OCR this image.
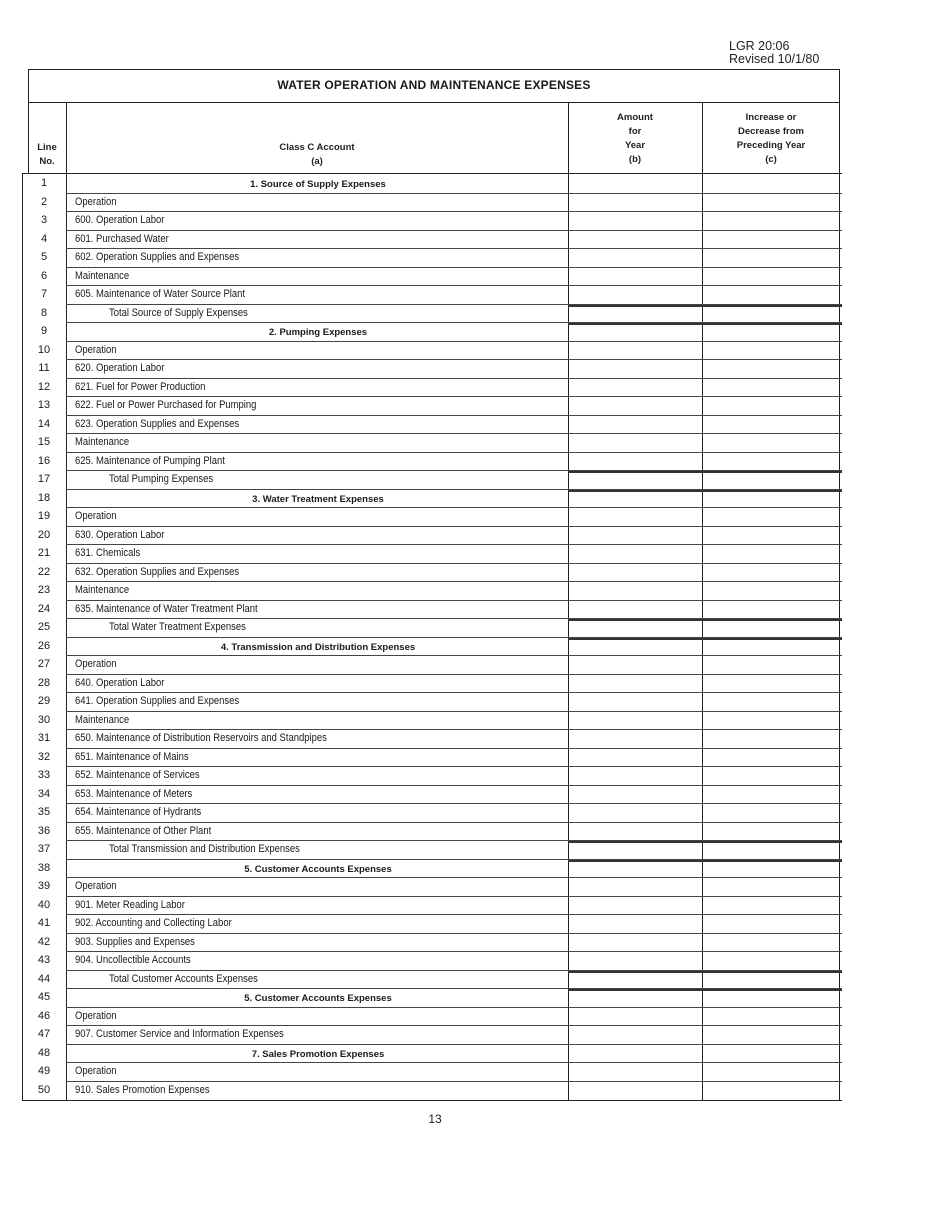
LGR 20:06
Revised 10/1/80
WATER OPERATION AND MAINTENANCE EXPENSES
Line
No.
Class C Account
(a)
Amount
for
Year
(b)
Increase or
Decrease from
Preceding Year
(c)
1	1. Source of Supply Expenses
2	Operation
3	600. Operation Labor
4	601. Purchased Water
5	602. Operation Supplies and Expenses
6	Maintenance
7	605. Maintenance of Water Source Plant
8	Total Source of Supply Expenses
9	2. Pumping Expenses
10	Operation
11	620. Operation Labor
12	621. Fuel for Power Production
13	622. Fuel or Power Purchased for Pumping
14	623. Operation Supplies and Expenses
15	Maintenance
16	625. Maintenance of Pumping Plant
17	Total Pumping Expenses
18	3. Water Treatment Expenses
19	Operation
20	630. Operation Labor
21	631. Chemicals
22	632. Operation Supplies and Expenses
23	Maintenance
24	635. Maintenance of Water Treatment Plant
25	Total Water Treatment Expenses
26	4. Transmission and Distribution Expenses
27	Operation
28	640. Operation Labor
29	641. Operation Supplies and Expenses
30	Maintenance
31	650. Maintenance of Distribution Reservoirs and Standpipes
32	651. Maintenance of Mains
33	652. Maintenance of Services
34	653. Maintenance of Meters
35	654. Maintenance of Hydrants
36	655. Maintenance of Other Plant
37	Total Transmission and Distribution Expenses
38	5. Customer Accounts Expenses
39	Operation
40	901. Meter Reading Labor
41	902. Accounting and Collecting Labor
42	903. Supplies and Expenses
43	904. Uncollectible Accounts
44	Total Customer Accounts Expenses
45	5. Customer Accounts Expenses
46	Operation
47	907. Customer Service and Information Expenses
48	7. Sales Promotion Expenses
49	Operation
50	910. Sales Promotion Expenses
13
